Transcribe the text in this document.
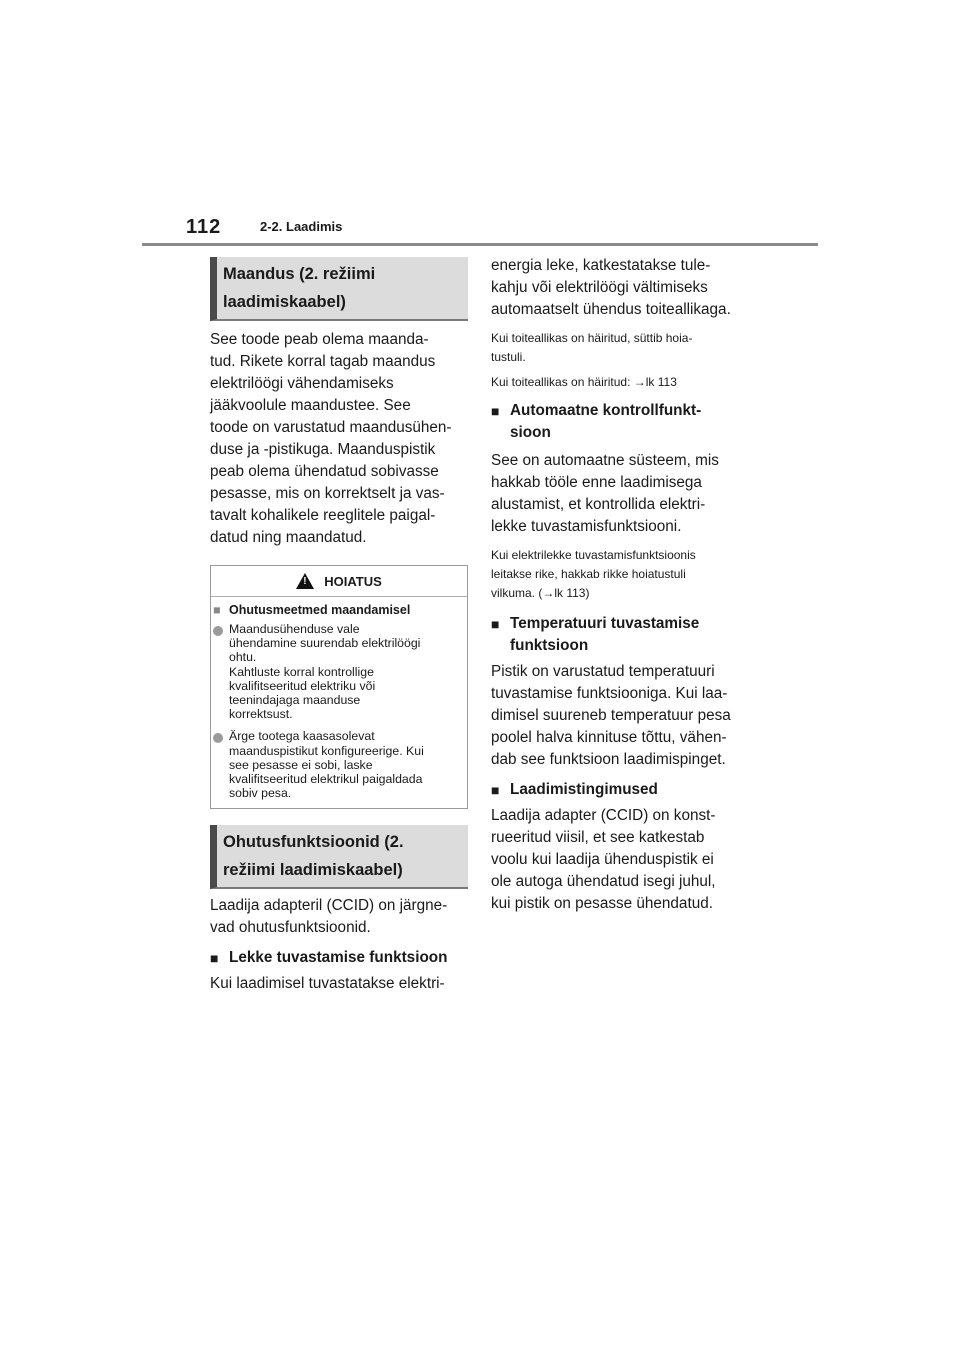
112	2-2. Laadimis
Maandus (2. režiimi
laadimiskaabel)

See toode peab olema maanda-

tud. Rikete korral tagab maandus

elektrilöögi vähendamiseks

jääkvoolule maandustee. See

toode on varustatud maandusühen-

duse ja -pistikuga. Maanduspistik

peab olema ühendatud sobivasse

pesasse, mis on korrektselt ja vas-

tavalt kohalikele reeglitele paigal-

datud ning maandatud.

!
HOIATUS
■ Ohutusmeetmed maandamisel
Maandusühenduse vale
ühendamine suurendab elektrilöögi
ohtu.
Kahtluste korral kontrollige
kvalifitseeritud elektriku või
teenindajaga maanduse
korrektsust.
Ärge tootega kaasasolevat
maanduspistikut konfigureerige. Kui
see pesasse ei sobi, laske
kvalifitseeritud elektrikul paigaldada
sobiv pesa.
Ohutusfunktsioonid (2.
režiimi laadimiskaabel)

Laadija adapteril (CCID) on järgne-

vad ohutusfunktsioonid.

■ Lekke tuvastamise funktsioon

Kui laadimisel tuvastatakse elektri-

energia leke, katkestatakse tule-

kahju või elektrilöögi vältimiseks

automaatselt ühendus toiteallikaga.

Kui toiteallikas on häiritud, süttib hoia-

tustuli.

Kui toiteallikas on häiritud: →lk 113

■ Automaatne kontrollfunkt-
sioon

See on automaatne süsteem, mis

hakkab tööle enne laadimisega

alustamist, et kontrollida elektri-

lekke tuvastamisfunktsiooni.

Kui elektrilekke tuvastamisfunktsioonis

leitakse rike, hakkab rikke hoiatustuli

vilkuma. (→lk 113)

■ Temperatuuri tuvastamise
funktsioon

Pistik on varustatud temperatuuri

tuvastamise funktsiooniga. Kui laa-

dimisel suureneb temperatuur pesa

poolel halva kinnituse tõttu, vähen-

dab see funktsioon laadimispinget.

■ Laadimistingimused

Laadija adapter (CCID) on konst-

rueeritud viisil, et see katkestab

voolu kui laadija ühenduspistik ei

ole autoga ühendatud isegi juhul,

kui pistik on pesasse ühendatud.
